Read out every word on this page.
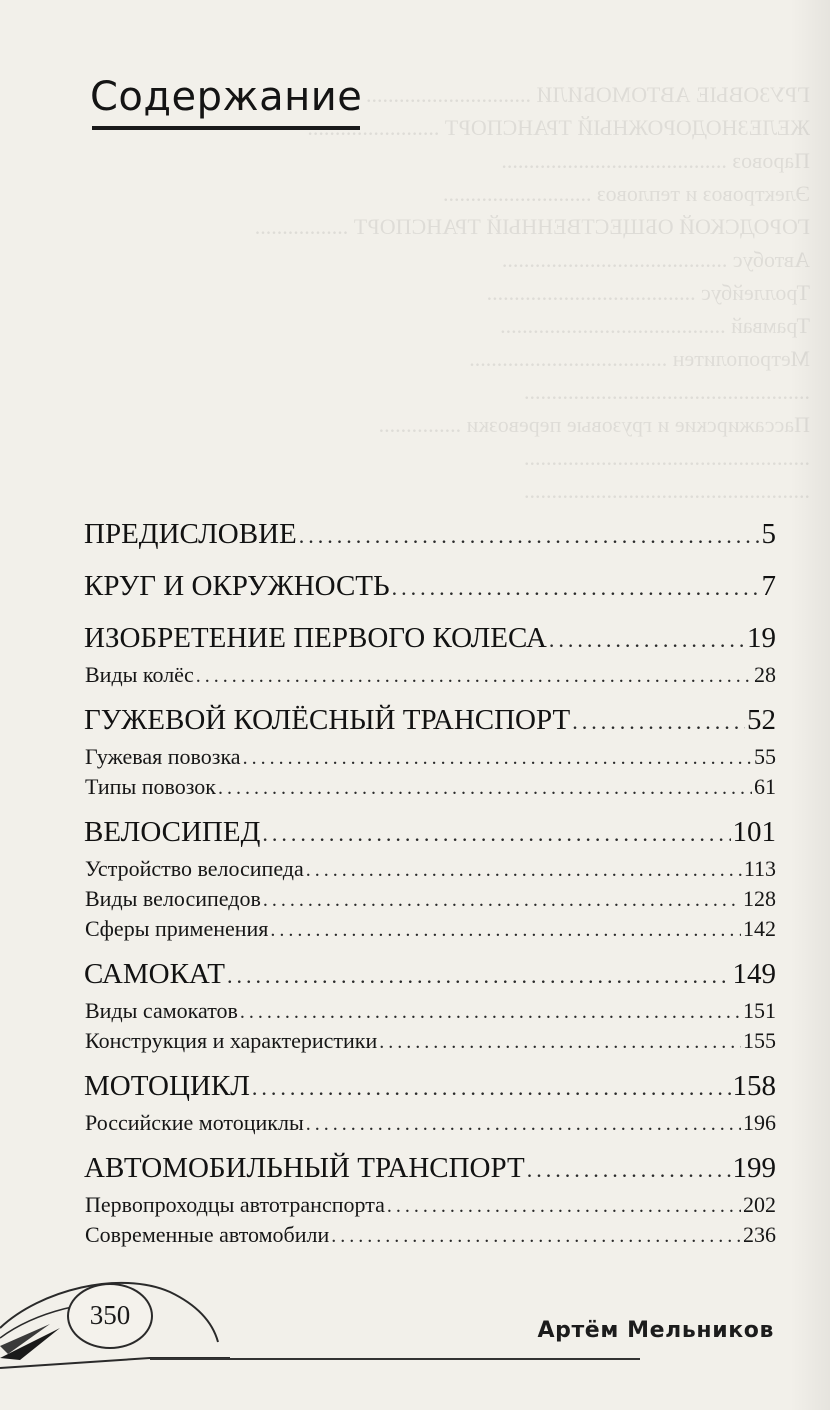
ГРУЗОВЫЕ АВТОМОБИЛИ ..............................
ЖЕЛЕЗНОДОРОЖНЫЙ ТРАНСПОРТ ........................
Паровоз .........................................
Электровоз и тепловоз ...........................
ГОРОДСКОЙ ОБЩЕСТВЕННЫЙ ТРАНСПОРТ .................
Автобус .........................................
Троллейбус ......................................
Трамвай .........................................
Метрополитен ....................................
....................................................
Пассажирские и грузовые перевозки ...............
....................................................
....................................................
Содержание
ПРЕДИСЛОВИЕ .....	5
КРУГ И ОКРУЖНОСТЬ .....	7
ИЗОБРЕТЕНИЕ ПЕРВОГО КОЛЕСА .....	19
Виды колёс .....	28
ГУЖЕВОЙ КОЛЁСНЫЙ ТРАНСПОРТ .....	52
Гужевая повозка .....	55
Типы повозок .....	61
ВЕЛОСИПЕД .....	101
Устройство велосипеда .....	113
Виды велосипедов .....	128
Сферы применения .....	142
САМОКАТ .....	149
Виды самокатов .....	151
Конструкция и характеристики .....	155
МОТОЦИКЛ .....	158
Российские мотоциклы .....	196
АВТОМОБИЛЬНЫЙ ТРАНСПОРТ .....	199
Первопроходцы автотранспорта .....	202
Современные автомобили .....	236
350
Артём Мельников
